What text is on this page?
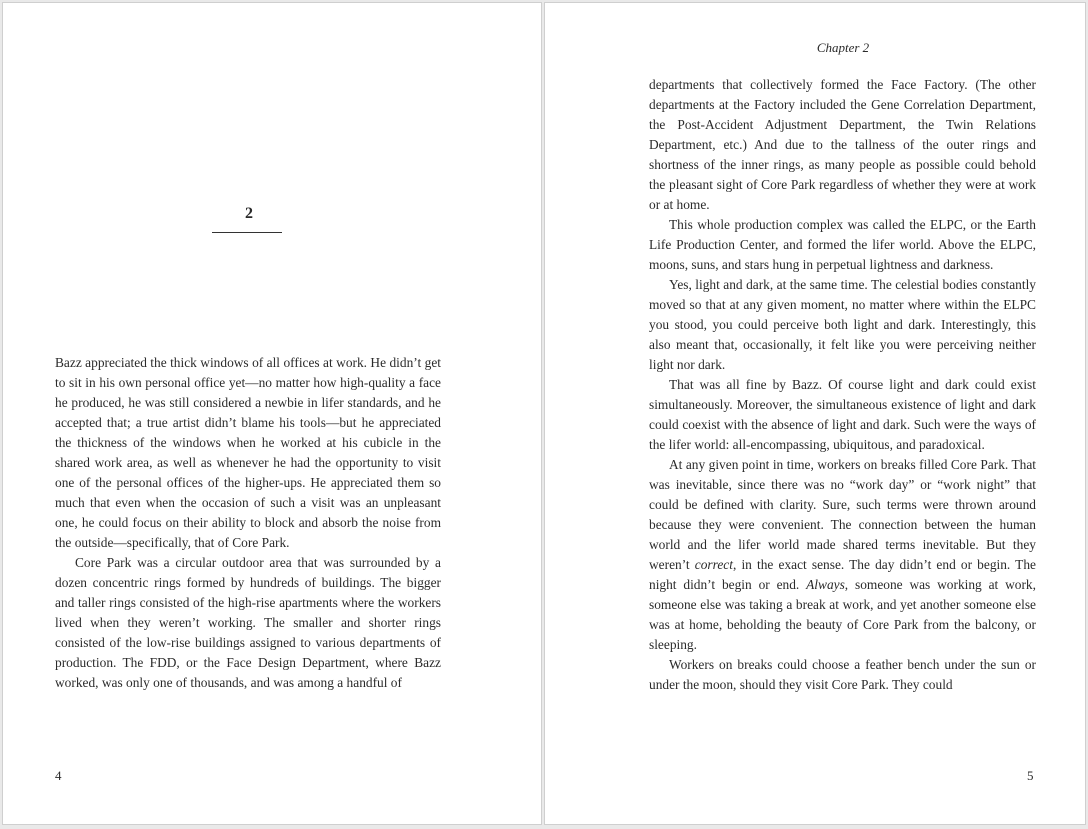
2

Bazz appreciated the thick windows of all offices at work. He didn’t get to sit in his own personal office yet—no matter how high-quality a face he produced, he was still considered a newbie in lifer standards, and he accepted that; a true artist didn’t blame his tools—but he appreciated the thickness of the windows when he worked at his cubicle in the shared work area, as well as whenever he had the opportunity to visit one of the personal offices of the higher-ups. He appreciated them so much that even when the occasion of such a visit was an unpleasant one, he could focus on their ability to block and absorb the noise from the outside—specifically, that of Core Park.

Core Park was a circular outdoor area that was surrounded by a dozen concentric rings formed by hundreds of buildings. The bigger and taller rings consisted of the high-rise apartments where the workers lived when they weren’t working. The smaller and shorter rings consisted of the low-rise buildings assigned to various departments of production. The FDD, or the Face Design Department, where Bazz worked, was only one of thousands, and was among a handful of

4
Chapter 2

departments that collectively formed the Face Factory. (The other departments at the Factory included the Gene Correlation Department, the Post-Accident Adjustment Department, the Twin Relations Department, etc.) And due to the tallness of the outer rings and shortness of the inner rings, as many people as possible could behold the pleasant sight of Core Park regardless of whether they were at work or at home.

This whole production complex was called the ELPC, or the Earth Life Production Center, and formed the lifer world. Above the ELPC, moons, suns, and stars hung in perpetual lightness and darkness.

Yes, light and dark, at the same time. The celestial bodies constantly moved so that at any given moment, no matter where within the ELPC you stood, you could perceive both light and dark. Interestingly, this also meant that, occasionally, it felt like you were perceiving neither light nor dark.

That was all fine by Bazz. Of course light and dark could exist simultaneously. Moreover, the simultaneous existence of light and dark could coexist with the absence of light and dark. Such were the ways of the lifer world: all-encompassing, ubiquitous, and paradoxical.

At any given point in time, workers on breaks filled Core Park. That was inevitable, since there was no “work day” or “work night” that could be defined with clarity. Sure, such terms were thrown around because they were convenient. The connection between the human world and the lifer world made shared terms inevitable. But they weren’t correct, in the exact sense. The day didn’t end or begin. The night didn’t begin or end. Always, someone was working at work, someone else was taking a break at work, and yet another someone else was at home, beholding the beauty of Core Park from the balcony, or sleeping.

Workers on breaks could choose a feather bench under the sun or under the moon, should they visit Core Park. They could

5
